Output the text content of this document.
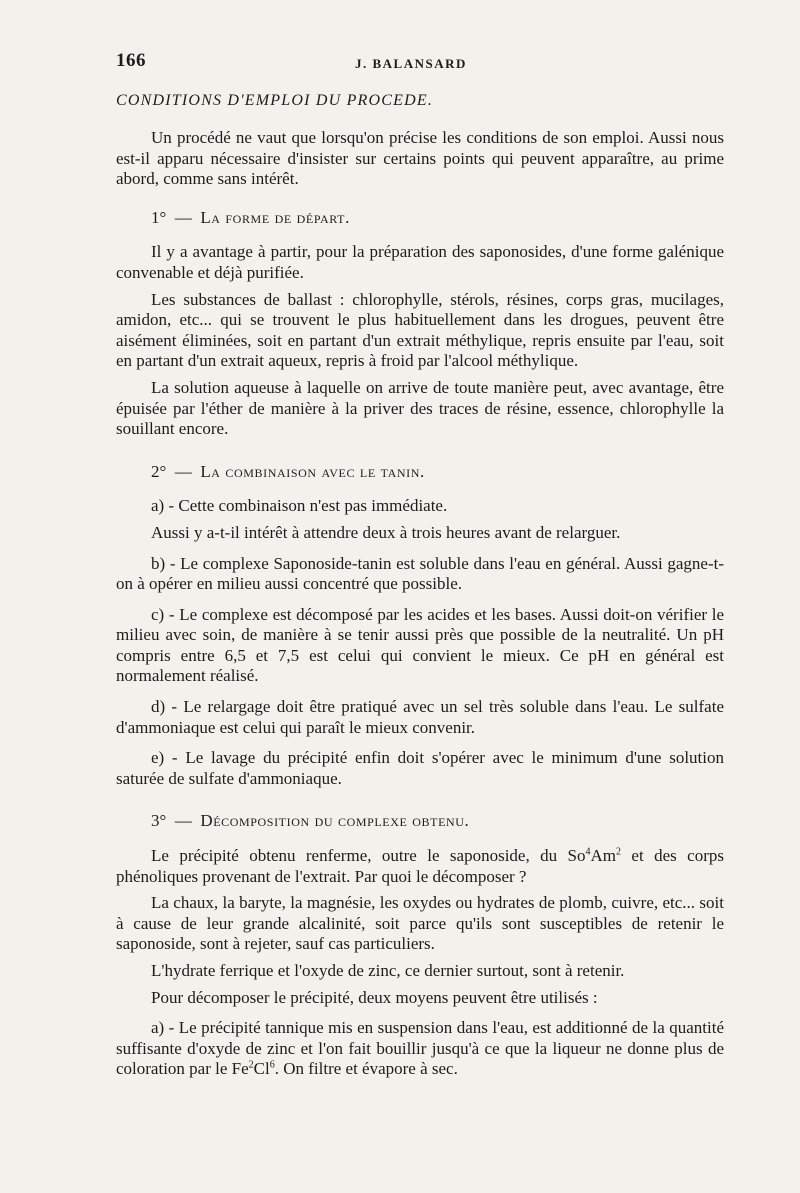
166	J. BALANSARD
CONDITIONS D'EMPLOI DU PROCEDE.

Un procédé ne vaut que lorsqu'on précise les conditions de son emploi. Aussi nous est-il apparu nécessaire d'insister sur certains points qui peuvent apparaître, au prime abord, comme sans intérêt.

1° — La forme de départ.

Il y a avantage à partir, pour la préparation des saponosides, d'une forme galénique convenable et déjà purifiée.

Les substances de ballast : chlorophylle, stérols, résines, corps gras, mucilages, amidon, etc... qui se trouvent le plus habituellement dans les drogues, peuvent être aisément éliminées, soit en partant d'un extrait méthylique, repris ensuite par l'eau, soit en partant d'un extrait aqueux, repris à froid par l'alcool méthylique.

La solution aqueuse à laquelle on arrive de toute manière peut, avec avantage, être épuisée par l'éther de manière à la priver des traces de résine, essence, chlorophylle la souillant encore.

2° — La combinaison avec le tanin.

a) - Cette combinaison n'est pas immédiate.

Aussi y a-t-il intérêt à attendre deux à trois heures avant de relarguer.

b) - Le complexe Saponoside-tanin est soluble dans l'eau en général. Aussi gagne-t-on à opérer en milieu aussi concentré que possible.

c) - Le complexe est décomposé par les acides et les bases. Aussi doit-on vérifier le milieu avec soin, de manière à se tenir aussi près que possible de la neutralité. Un pH compris entre 6,5 et 7,5 est celui qui convient le mieux. Ce pH en général est normalement réalisé.

d) - Le relargage doit être pratiqué avec un sel très soluble dans l'eau. Le sulfate d'ammoniaque est celui qui paraît le mieux convenir.

e) - Le lavage du précipité enfin doit s'opérer avec le minimum d'une solution saturée de sulfate d'ammoniaque.

3° — Décomposition du complexe obtenu.

Le précipité obtenu renferme, outre le saponoside, du So$^4$Am$^2$ et des corps phénoliques provenant de l'extrait. Par quoi le décomposer ?

La chaux, la baryte, la magnésie, les oxydes ou hydrates de plomb, cuivre, etc... soit à cause de leur grande alcalinité, soit parce qu'ils sont susceptibles de retenir le saponoside, sont à rejeter, sauf cas particuliers.

L'hydrate ferrique et l'oxyde de zinc, ce dernier surtout, sont à retenir.

Pour décomposer le précipité, deux moyens peuvent être utilisés :

a) - Le précipité tannique mis en suspension dans l'eau, est additionné de la quantité suffisante d'oxyde de zinc et l'on fait bouillir jusqu'à ce que la liqueur ne donne plus de coloration par le Fe$^2$Cl$^6$. On filtre et évapore à sec.
